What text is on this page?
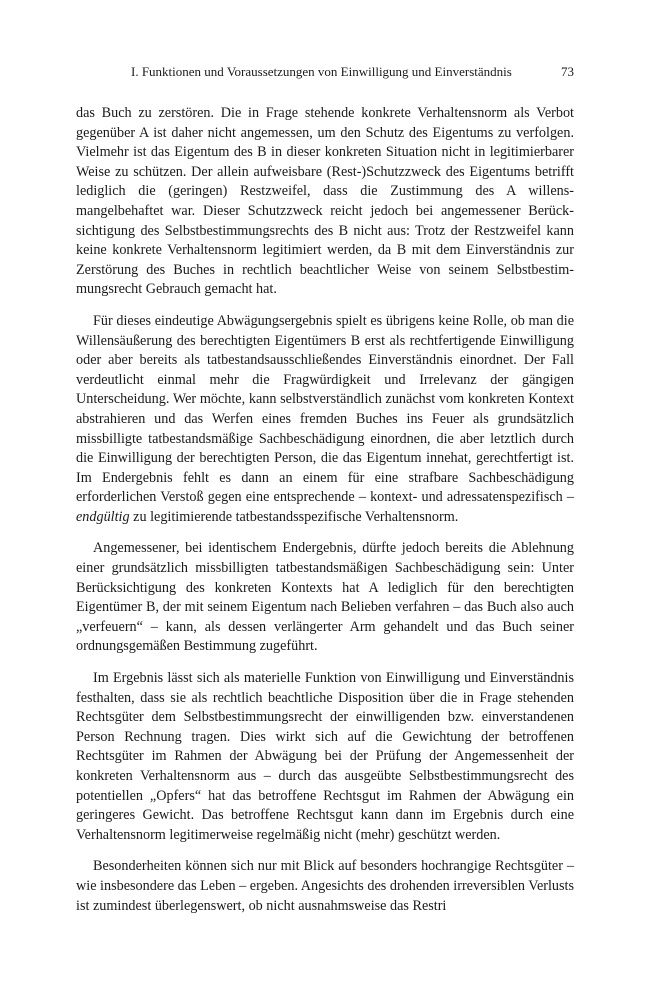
I. Funktionen und Voraussetzungen von Einwilligung und Einverständnis	73

das Buch zu zerstören. Die in Frage stehende konkrete Verhaltensnorm als Verbot gegenüber A ist daher nicht angemessen, um den Schutz des Eigentums zu verfolgen. Vielmehr ist das Eigentum des B in dieser konkreten Situation nicht in legitimierbarer Weise zu schützen. Der allein aufweisbare (Rest-)Schutzzweck des Eigentums betrifft lediglich die (geringen) Restzweifel, dass die Zustimmung des A willensmangelbehaftet war. Dieser Schutzzweck reicht jedoch bei angemessener Berücksichtigung des Selbstbestimmungsrechts des B nicht aus: Trotz der Restzweifel kann keine konkrete Verhaltensnorm legitimiert werden, da B mit dem Einverständnis zur Zerstörung des Buches in rechtlich beachtlicher Weise von seinem Selbstbestimmungsrecht Gebrauch gemacht hat.

Für dieses eindeutige Abwägungsergebnis spielt es übrigens keine Rolle, ob man die Willensäußerung des berechtigten Eigentümers B erst als rechtfertigende Einwilligung oder aber bereits als tatbestandsausschließendes Einverständnis einordnet. Der Fall verdeutlicht einmal mehr die Fragwürdigkeit und Irrelevanz der gängigen Unterscheidung. Wer möchte, kann selbstverständlich zunächst vom konkreten Kontext abstrahieren und das Werfen eines fremden Buches ins Feuer als grundsätzlich missbilligte tatbestandsmäßige Sachbeschädigung einordnen, die aber letztlich durch die Einwilligung der berechtigten Person, die das Eigentum innehat, gerechtfertigt ist. Im Endergebnis fehlt es dann an einem für eine strafbare Sachbeschädigung erforderlichen Verstoß gegen eine entsprechende – kontext- und adressatenspezifisch – endgültig zu legitimierende tatbestandsspezifische Verhaltensnorm.

Angemessener, bei identischem Endergebnis, dürfte jedoch bereits die Ablehnung einer grundsätzlich missbilligten tatbestandsmäßigen Sachbeschädigung sein: Unter Berücksichtigung des konkreten Kontexts hat A lediglich für den berechtigten Eigentümer B, der mit seinem Eigentum nach Belieben verfahren – das Buch also auch „verfeuern“ – kann, als dessen verlängerter Arm gehandelt und das Buch seiner ordnungsgemäßen Bestimmung zugeführt.

Im Ergebnis lässt sich als materielle Funktion von Einwilligung und Einverständnis festhalten, dass sie als rechtlich beachtliche Disposition über die in Frage stehenden Rechtsgüter dem Selbstbestimmungsrecht der einwilligenden bzw. einverstandenen Person Rechnung tragen. Dies wirkt sich auf die Gewichtung der betroffenen Rechtsgüter im Rahmen der Abwägung bei der Prüfung der Angemessenheit der konkreten Verhaltensnorm aus – durch das ausgeübte Selbstbestimmungsrecht des potentiellen „Opfers“ hat das betroffene Rechtsgut im Rahmen der Abwägung ein geringeres Gewicht. Das betroffene Rechtsgut kann dann im Ergebnis durch eine Verhaltensnorm legitimerweise regelmäßig nicht (mehr) geschützt werden.

Besonderheiten können sich nur mit Blick auf besonders hochrangige Rechtsgüter – wie insbesondere das Leben – ergeben. Angesichts des drohenden irreversiblen Verlusts ist zumindest überlegenswert, ob nicht ausnahmsweise das Restri
